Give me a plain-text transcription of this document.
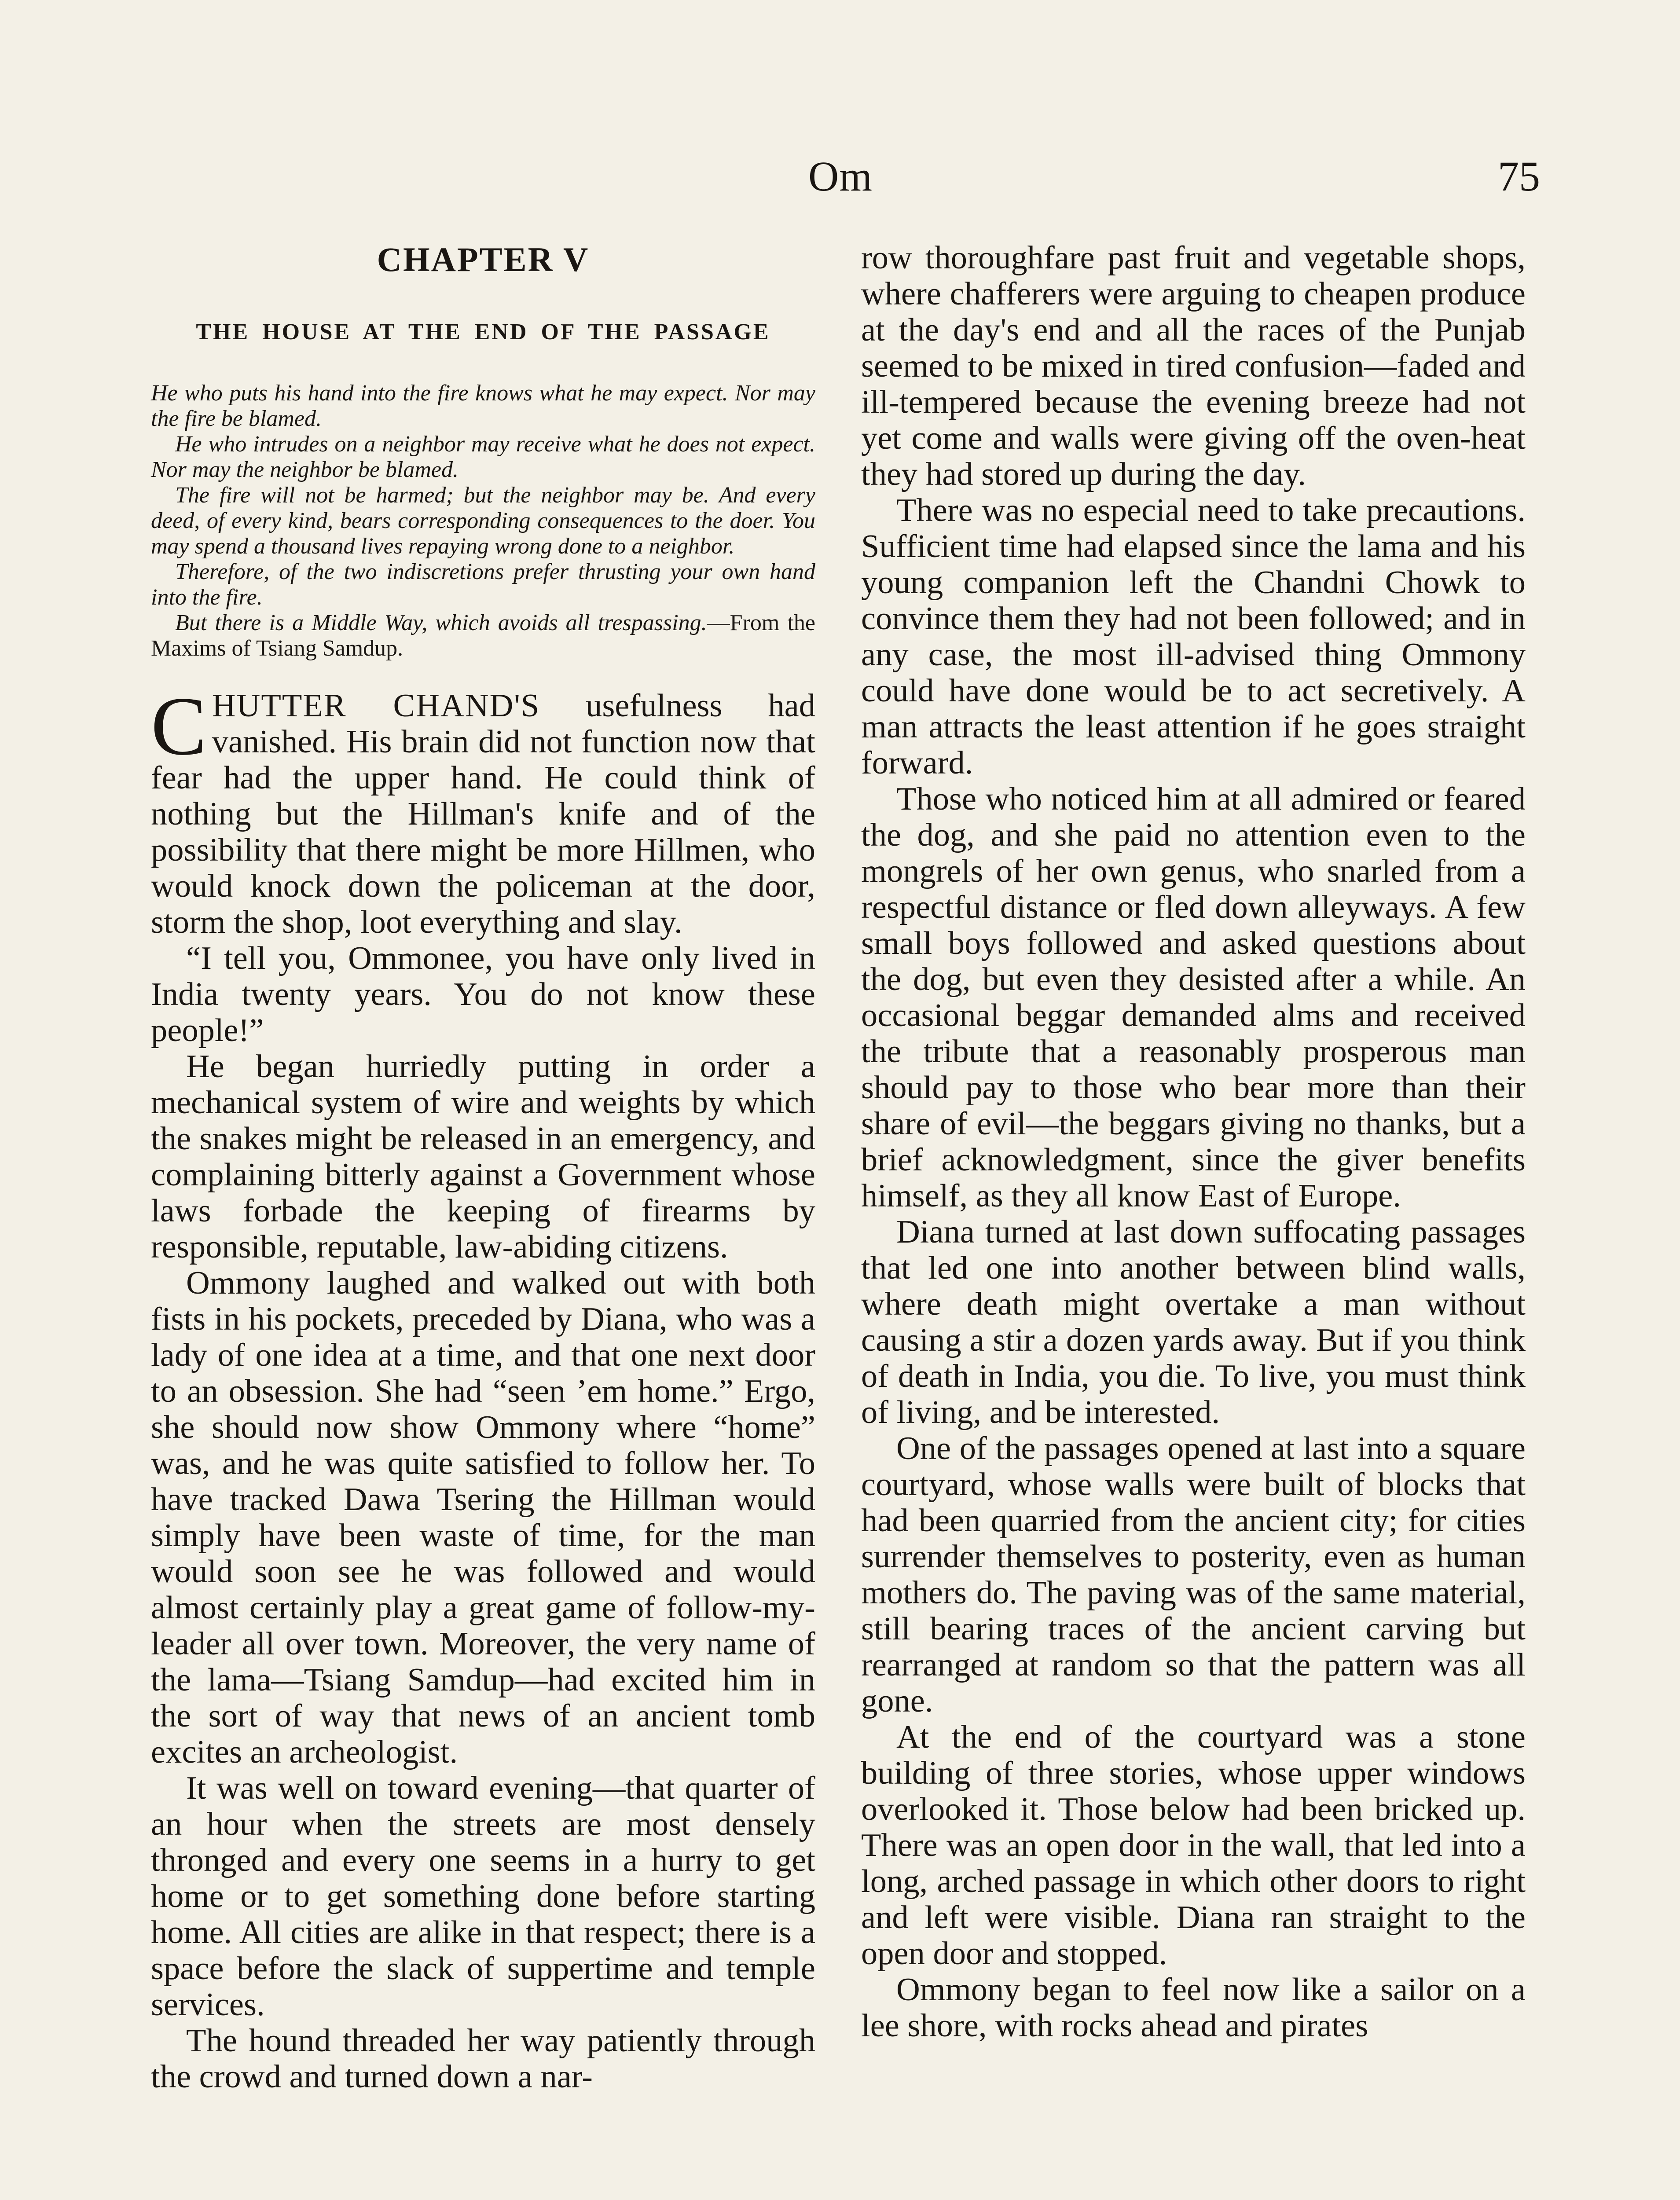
Om	75
CHAPTER V
THE HOUSE AT THE END OF THE PASSAGE

He who puts his hand into the fire knows what he may expect. Nor may the fire be blamed.

He who intrudes on a neighbor may receive what he does not expect. Nor may the neighbor be blamed.

The fire will not be harmed; but the neighbor may be. And every deed, of every kind, bears corresponding consequences to the doer. You may spend a thousand lives repaying wrong done to a neighbor.

Therefore, of the two indiscretions prefer thrusting your own hand into the fire.

But there is a Middle Way, which avoids all trespassing.—From the Maxims of Tsiang Samdup.

CHUTTER CHAND'S usefulness had vanished. His brain did not function now that fear had the upper hand. He could think of nothing but the Hillman's knife and of the possibility that there might be more Hillmen, who would knock down the policeman at the door, storm the shop, loot everything and slay.

“I tell you, Ommonee, you have only lived in India twenty years. You do not know these people!”

He began hurriedly putting in order a mechanical system of wire and weights by which the snakes might be released in an emergency, and complaining bitterly against a Government whose laws forbade the keeping of firearms by responsible, reputable, law-abiding citizens.

Ommony laughed and walked out with both fists in his pockets, preceded by Diana, who was a lady of one idea at a time, and that one next door to an obsession. She had “seen ’em home.” Ergo, she should now show Ommony where “home” was, and he was quite satisfied to follow her. To have tracked Dawa Tsering the Hillman would simply have been waste of time, for the man would soon see he was followed and would almost certainly play a great game of follow-my-leader all over town. Moreover, the very name of the lama—Tsiang Samdup—had excited him in the sort of way that news of an ancient tomb excites an archeologist.

It was well on toward evening—that quarter of an hour when the streets are most densely thronged and every one seems in a hurry to get home or to get something done before starting home. All cities are alike in that respect; there is a space before the slack of suppertime and temple services.

The hound threaded her way patiently through the crowd and turned down a nar-

row thoroughfare past fruit and vegetable shops, where chafferers were arguing to cheapen produce at the day's end and all the races of the Punjab seemed to be mixed in tired confusion—faded and ill-tempered because the evening breeze had not yet come and walls were giving off the oven-heat they had stored up during the day.

There was no especial need to take precautions. Sufficient time had elapsed since the lama and his young companion left the Chandni Chowk to convince them they had not been followed; and in any case, the most ill-advised thing Ommony could have done would be to act secretively. A man attracts the least attention if he goes straight forward.

Those who noticed him at all admired or feared the dog, and she paid no attention even to the mongrels of her own genus, who snarled from a respectful distance or fled down alleyways. A few small boys followed and asked questions about the dog, but even they desisted after a while. An occasional beggar demanded alms and received the tribute that a reasonably prosperous man should pay to those who bear more than their share of evil—the beggars giving no thanks, but a brief acknowledgment, since the giver benefits himself, as they all know East of Europe.

Diana turned at last down suffocating passages that led one into another between blind walls, where death might overtake a man without causing a stir a dozen yards away. But if you think of death in India, you die. To live, you must think of living, and be interested.

One of the passages opened at last into a square courtyard, whose walls were built of blocks that had been quarried from the ancient city; for cities surrender themselves to posterity, even as human mothers do. The paving was of the same material, still bearing traces of the ancient carving but rearranged at random so that the pattern was all gone.

At the end of the courtyard was a stone building of three stories, whose upper windows overlooked it. Those below had been bricked up. There was an open door in the wall, that led into a long, arched passage in which other doors to right and left were visible. Diana ran straight to the open door and stopped.

Ommony began to feel now like a sailor on a lee shore, with rocks ahead and pirates
